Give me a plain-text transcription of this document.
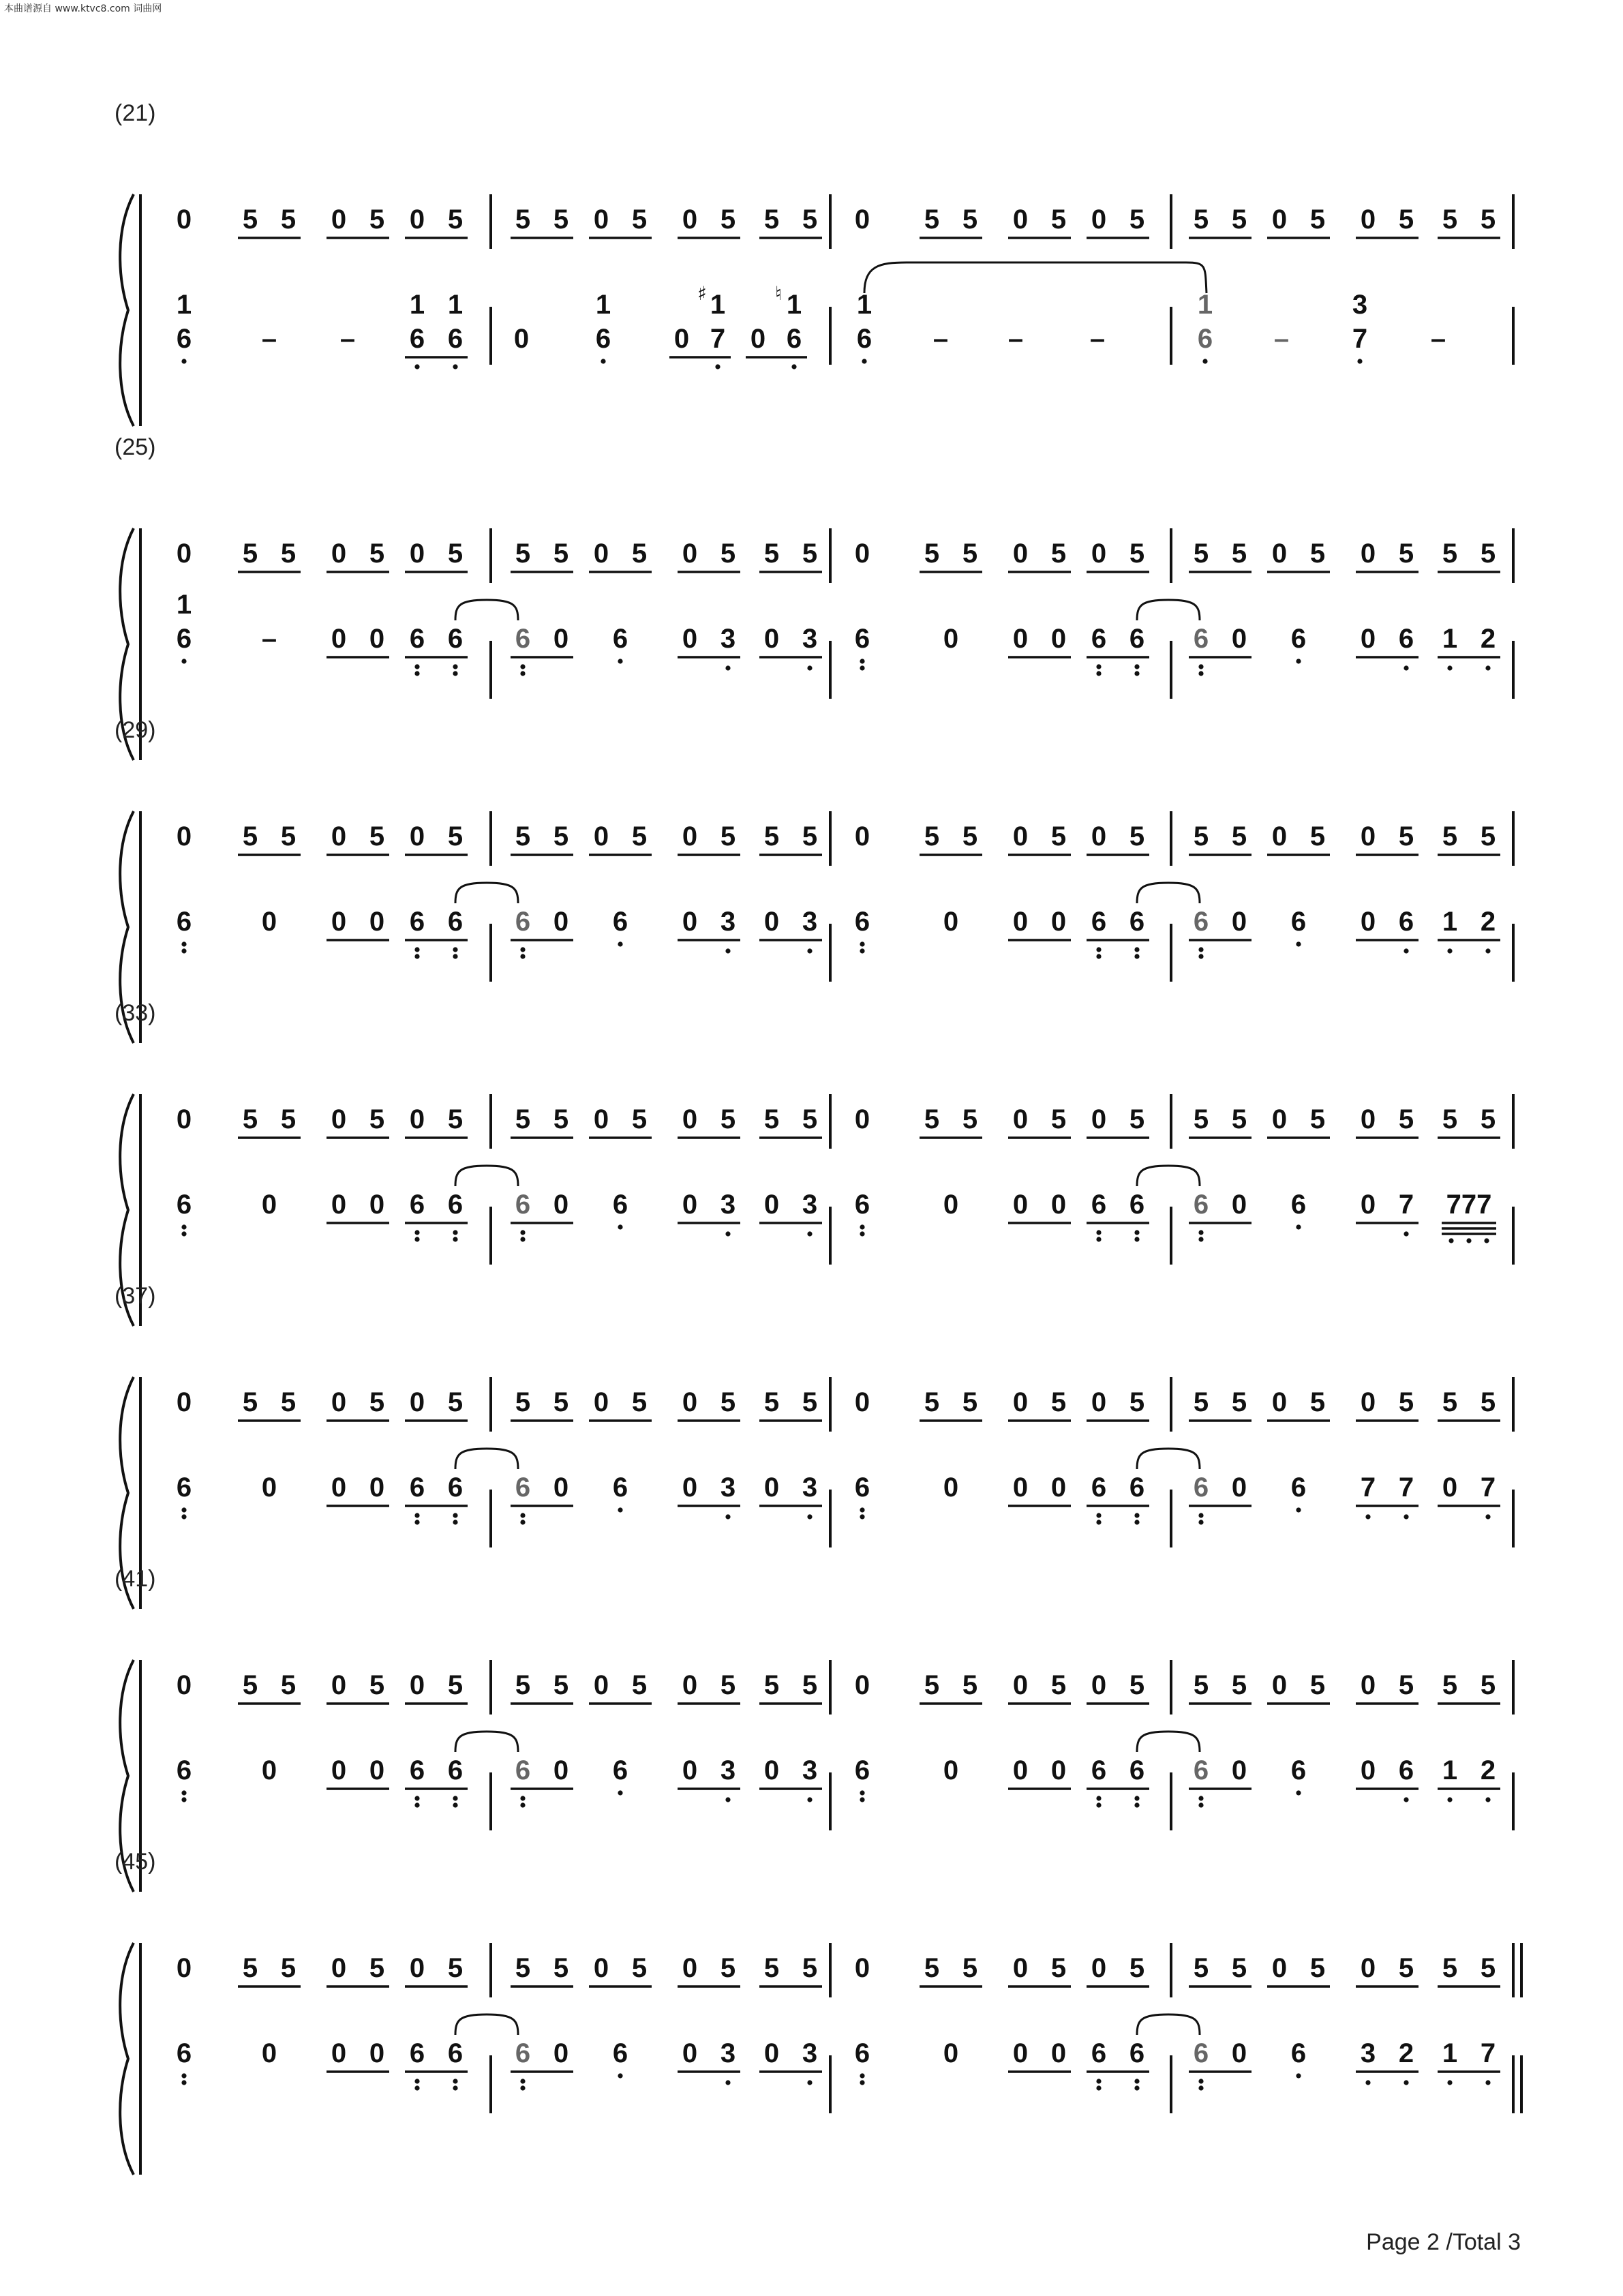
本曲谱源自 www.ktvc8.com 词曲网
(21)
0 5 5 0 5 0 5 5 5 0 5 0 5 5 5 0 5 5 0 5 0 5 5 5 0 5 0 5 5 5
1
6	– –
1 1
6 6 0
1
6
1
♯
0 7
1
♮
0 6
1
6 – – –
1
6 –
3
7 –
(25)
0 5 5 0 5 0 5 5 5 0 5 0 5 5 5 0 5 5 0 5 0 5 5 5 0 5 0 5 5 5
1
6	– 0 0 6 6 6 0 6 0 3 0 3 6	0 0 0 6 6 6 0 6 0 6 1 2
(29)
0 5 5 0 5 0 5 5 5 0 5 0 5 5 5 0 5 5 0 5 0 5 5 5 0 5 0 5 5 5
6	0 0 0 6 6 6 0 6 0 3 0 3 6	0 0 0 6 6 6 0 6 0 6 1 2
(33)
0 5 5 0 5 0 5 5 5 0 5 0 5 5 5 0 5 5 0 5 0 5 5 5 0 5 0 5 5 5
6	0 0 0 6 6 6 0 6 0 3 0 3 6	0 0 0 6 6 6 0 6 0 7 777
(37)
0 5 5 0 5 0 5 5 5 0 5 0 5 5 5 0 5 5 0 5 0 5 5 5 0 5 0 5 5 5
6	0 0 0 6 6 6 0 6 0 3 0 3 6	0 0 0 6 6 6 0 6 7 7 0 7
(41)
0 5 5 0 5 0 5 5 5 0 5 0 5 5 5 0 5 5 0 5 0 5 5 5 0 5 0 5 5 5
6	0 0 0 6 6 6 0 6 0 3 0 3 6	0 0 0 6 6 6 0 6 0 6 1 2
(45)
0 5 5 0 5 0 5 5 5 0 5 0 5 5 5 0 5 5 0 5 0 5 5 5 0 5 0 5 5 5
6	0 0 0 6 6 6 0 6 0 3 0 3 6	0 0 0 6 6 6 0 6 3 2 1 7
Page 2 /Total 3
